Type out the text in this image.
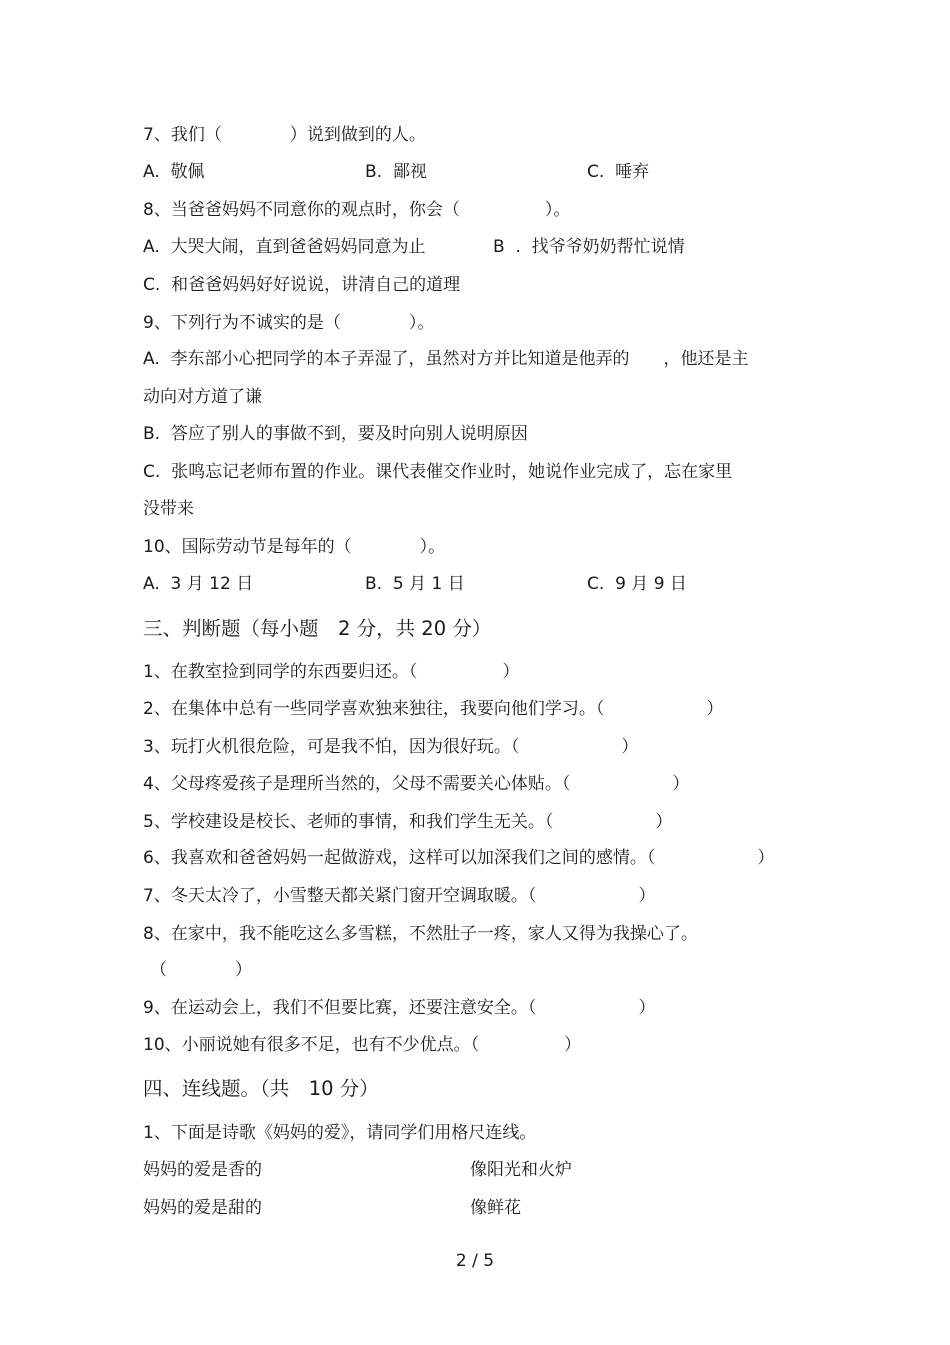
7、我们（　　　　）说到做到的人。
A.  敬佩	B.  鄙视	C.  唾弃
8、当爸爸妈妈不同意你的观点时，你会（　　　　　）。
A.  大哭大闹，直到爸爸妈妈同意为止	B  .  找爷爷奶奶帮忙说情
C.  和爸爸妈妈好好说说，讲清自己的道理
9、下列行为不诚实的是（　　　　）。
A.  李东部小心把同学的本子弄湿了，虽然对方并比知道是他弄的　　，他还是主
动向对方道了谦
B.  答应了别人的事做不到，要及时向别人说明原因
C.  张鸣忘记老师布置的作业。课代表催交作业时，她说作业完成了，忘在家里
没带来
10、国际劳动节是每年的（　　　　）。
A.  3 月 12 日	B.  5 月 1 日	C.  9 月 9 日
三、判断题（每小题　2 分，共 20 分）
1、在教室捡到同学的东西要归还。（　　　　　）
2、在集体中总有一些同学喜欢独来独往，我要向他们学习。（　　　　　　）
3、玩打火机很危险，可是我不怕，因为很好玩。（　　　　　　）
4、父母疼爱孩子是理所当然的，父母不需要关心体贴。（　　　　　　）
5、学校建设是校长、老师的事情，和我们学生无关。（　　　　　　）
6、我喜欢和爸爸妈妈一起做游戏，这样可以加深我们之间的感情。（　　　　　　）
7、冬天太冷了，小雪整天都关紧门窗开空调取暖。（　　　　　　）
8、在家中，我不能吃这么多雪糕，不然肚子一疼，家人又得为我操心了。
（　　　　）
9、在运动会上，我们不但要比赛，还要注意安全。（　　　　　　）
10、小丽说她有很多不足，也有不少优点。（　　　　　）
四、连线题。（共　10 分）
1、下面是诗歌《妈妈的爱》，请同学们用格尺连线。
妈妈的爱是香的	像阳光和火炉
妈妈的爱是甜的	像鲜花
2 / 5
